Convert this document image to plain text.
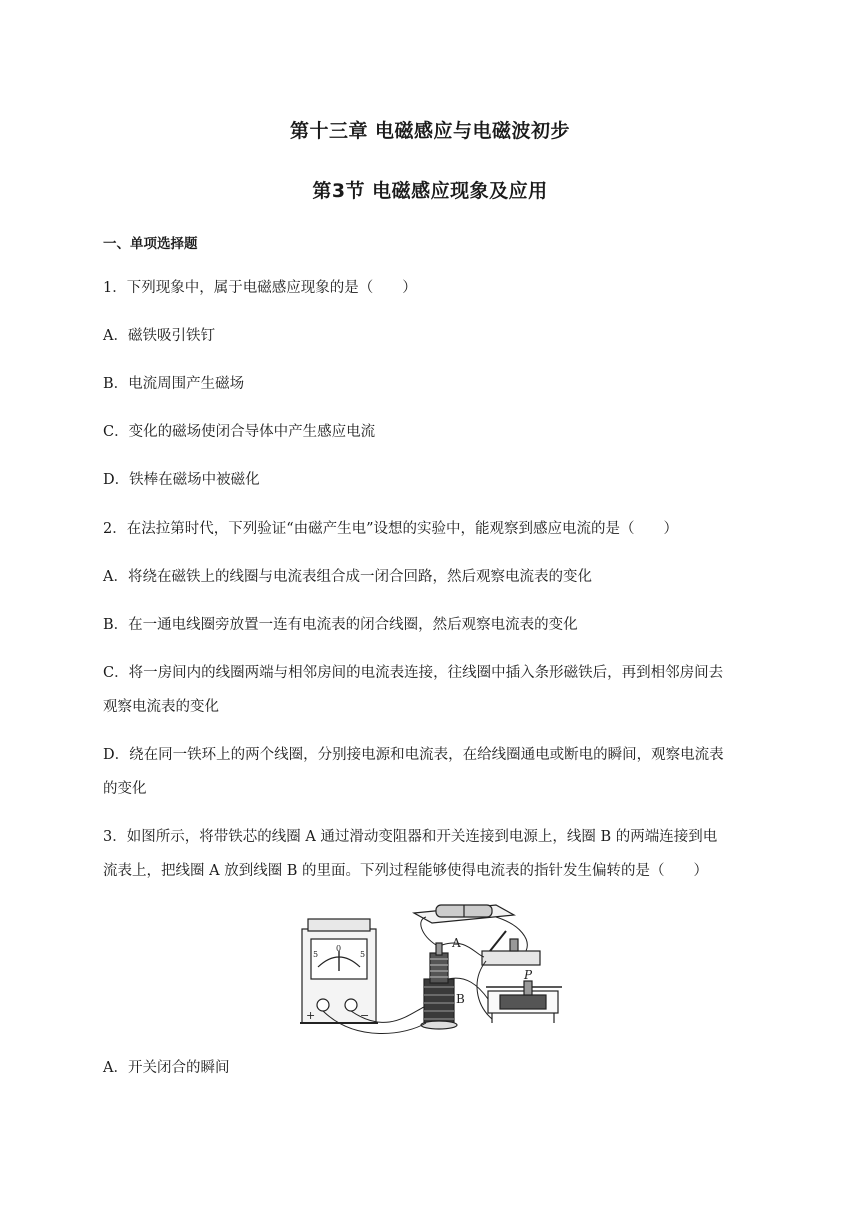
第十三章 电磁感应与电磁波初步
第3节 电磁感应现象及应用
一、单项选择题
1．下列现象中，属于电磁感应现象的是（　　）
A．磁铁吸引铁钉
B．电流周围产生磁场
C．变化的磁场使闭合导体中产生感应电流
D．铁棒在磁场中被磁化
2．在法拉第时代，下列验证“由磁产生电”设想的实验中，能观察到感应电流的是（　　）
A．将绕在磁铁上的线圈与电流表组合成一闭合回路，然后观察电流表的变化
B．在一通电线圈旁放置一连有电流表的闭合线圈，然后观察电流表的变化
C．将一房间内的线圈两端与相邻房间的电流表连接，往线圈中插入条形磁铁后，再到相邻房间去
观察电流表的变化
D．绕在同一铁环上的两个线圈，分别接电源和电流表，在给线圈通电或断电的瞬间，观察电流表
的变化
3．如图所示，将带铁芯的线圈 A 通过滑动变阻器和开关连接到电源上，线圈 B 的两端连接到电
流表上，把线圈 A 放到线圈 B 的里面。下列过程能够使得电流表的指针发生偏转的是（　　）
5
0
5
+	−
A
B
P
A．开关闭合的瞬间
